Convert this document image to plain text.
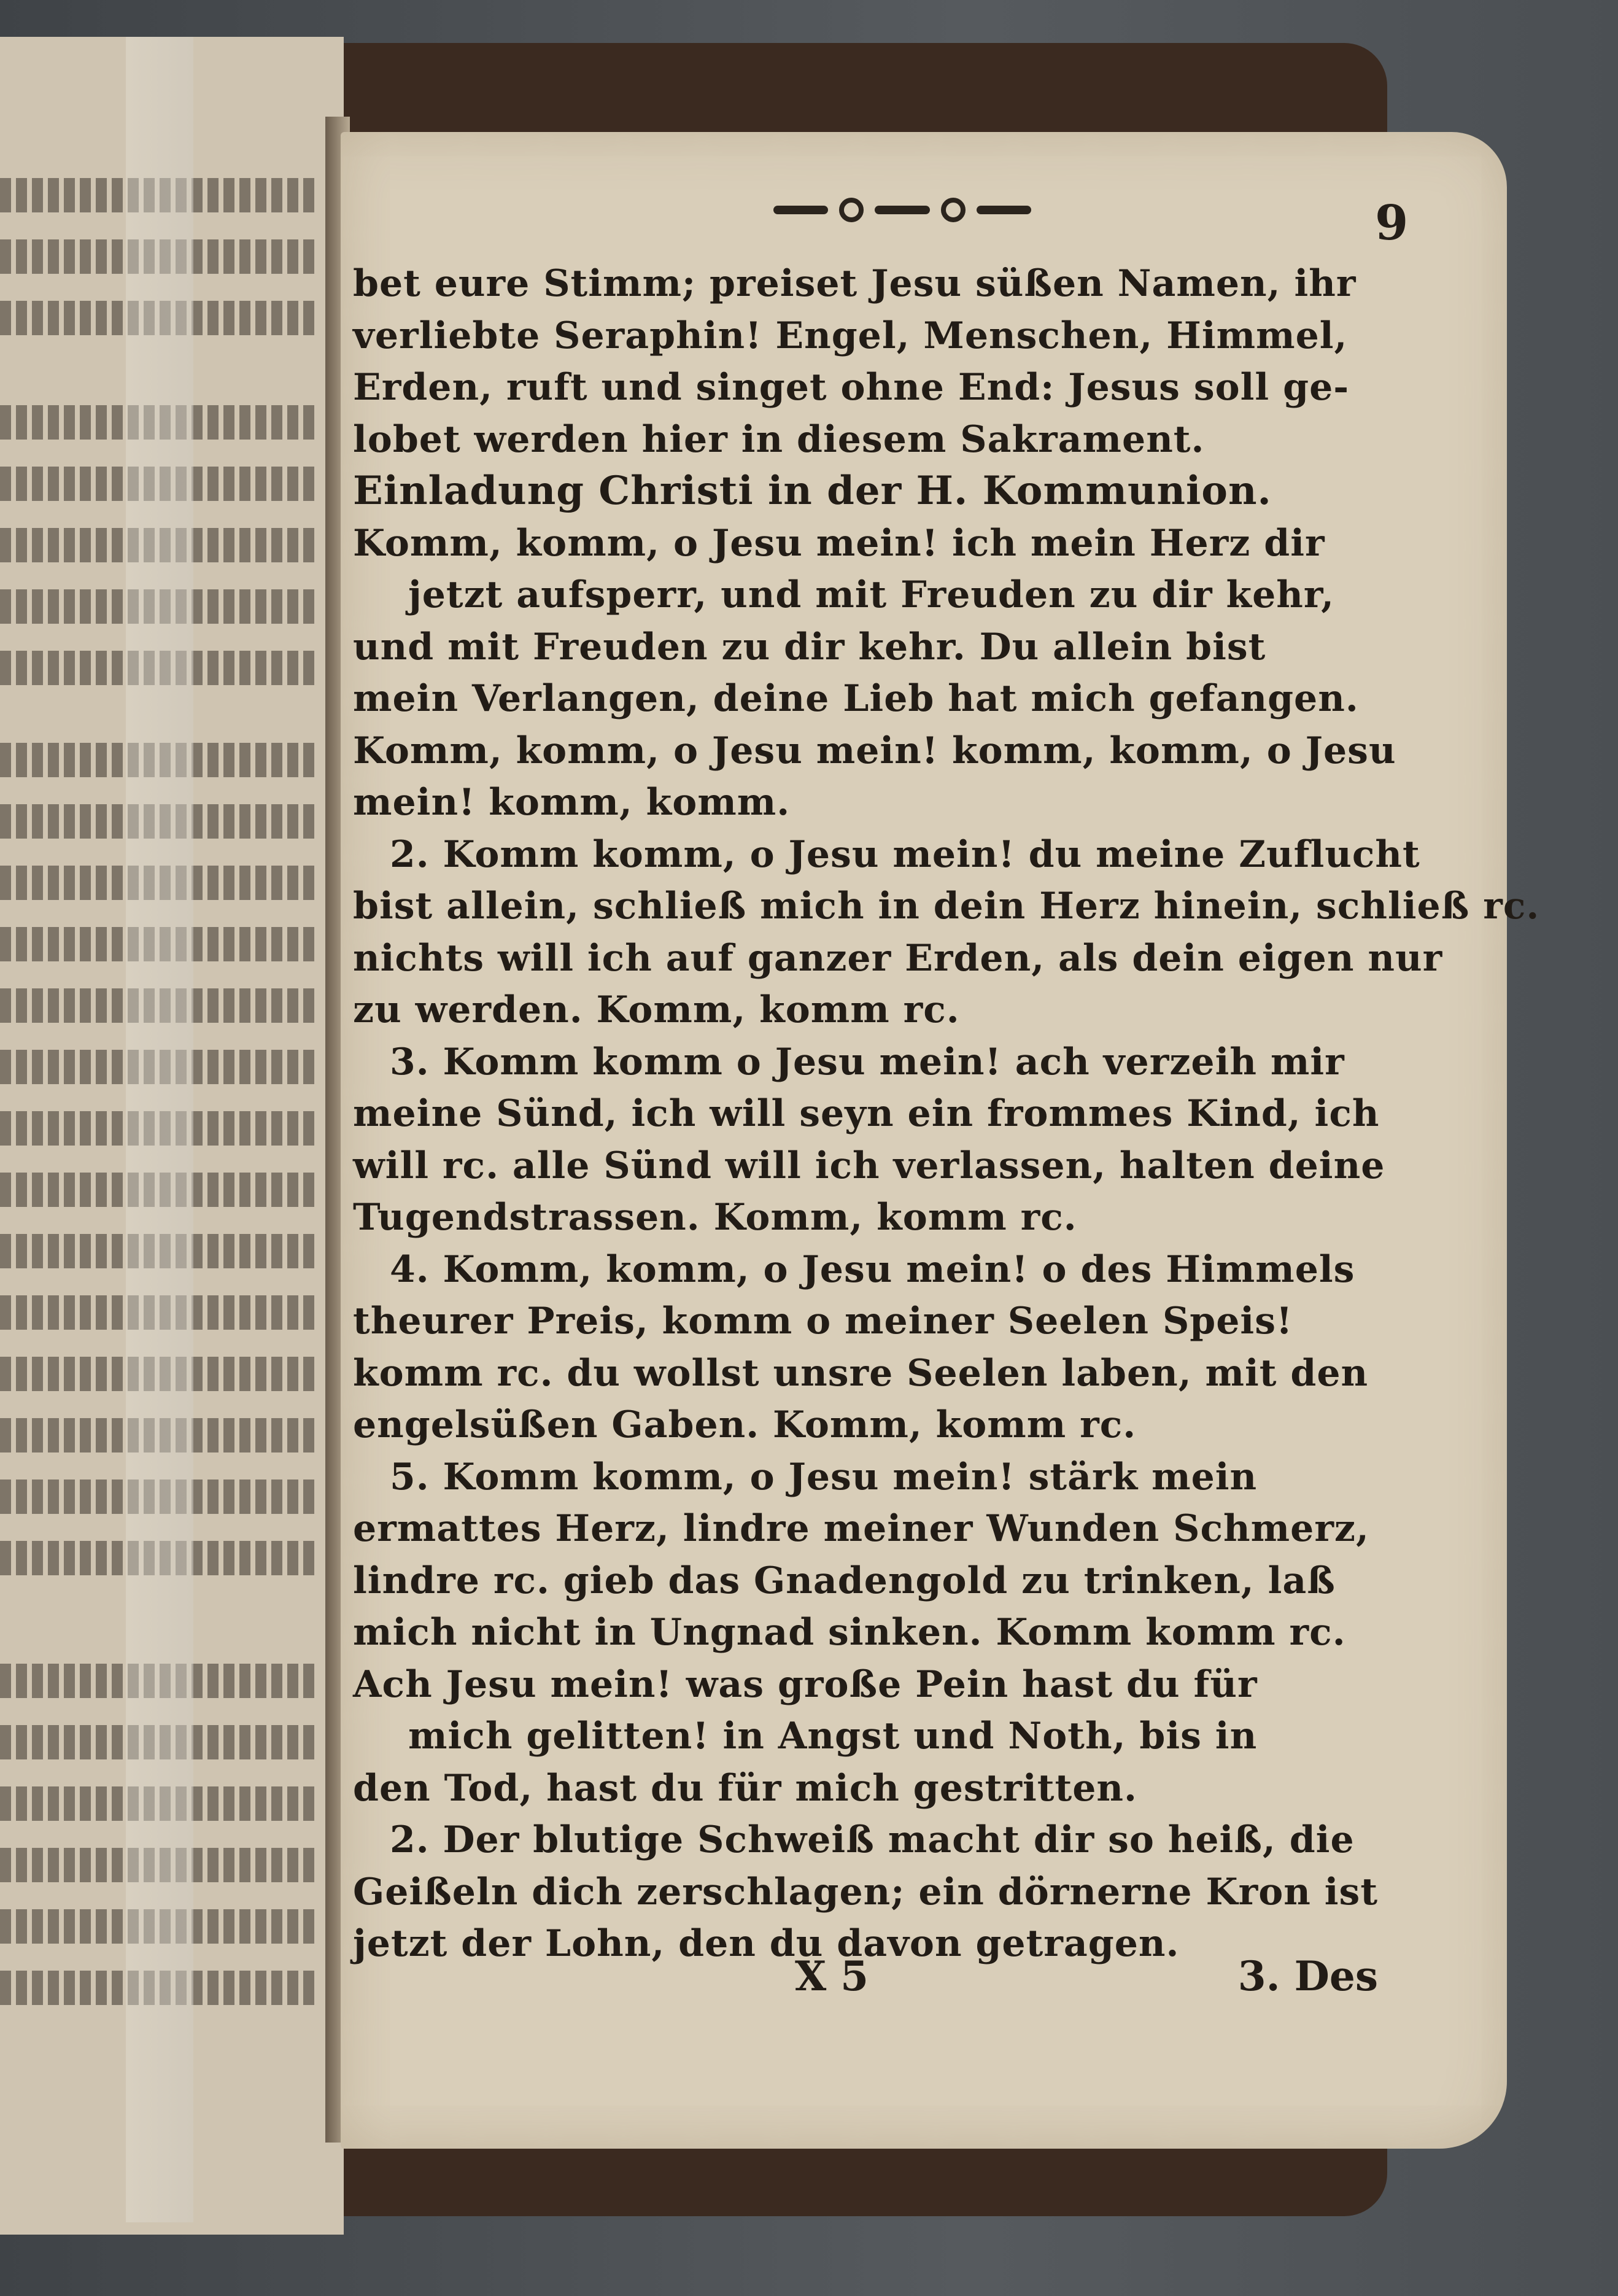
9
bet eure Stimm; preiset Jesu süßen Namen, ihr
verliebte Seraphin! Engel, Menschen, Himmel,
Erden, ruft und singet ohne End: Jesus soll ge-
lobet werden hier in diesem Sakrament.
Einladung Christi in der H. Kommunion.
Komm, komm, o Jesu mein! ich mein Herz dir
jetzt aufsperr, und mit Freuden zu dir kehr,
und mit Freuden zu dir kehr. Du allein bist
mein Verlangen, deine Lieb hat mich gefangen.
Komm, komm, o Jesu mein! komm, komm, o Jesu
mein! komm, komm.
2. Komm komm, o Jesu mein! du meine Zuflucht
bist allein, schließ mich in dein Herz hinein, schließ rc.
nichts will ich auf ganzer Erden, als dein eigen nur
zu werden. Komm, komm rc.
3. Komm komm o Jesu mein! ach verzeih mir
meine Sünd, ich will seyn ein frommes Kind, ich
will rc. alle Sünd will ich verlassen, halten deine
Tugendstrassen. Komm, komm rc.
4. Komm, komm, o Jesu mein! o des Himmels
theurer Preis, komm o meiner Seelen Speis!
komm rc. du wollst unsre Seelen laben, mit den
engelsüßen Gaben. Komm, komm rc.
5. Komm komm, o Jesu mein! stärk mein
ermattes Herz, lindre meiner Wunden Schmerz,
lindre rc. gieb das Gnadengold zu trinken, laß
mich nicht in Ungnad sinken. Komm komm rc.
Ach Jesu mein! was große Pein hast du für
mich gelitten! in Angst und Noth, bis in
den Tod, hast du für mich gestritten.
2. Der blutige Schweiß macht dir so heiß, die
Geißeln dich zerschlagen; ein dörnerne Kron ist
jetzt der Lohn, den du davon getragen.
X 5	3. Des
